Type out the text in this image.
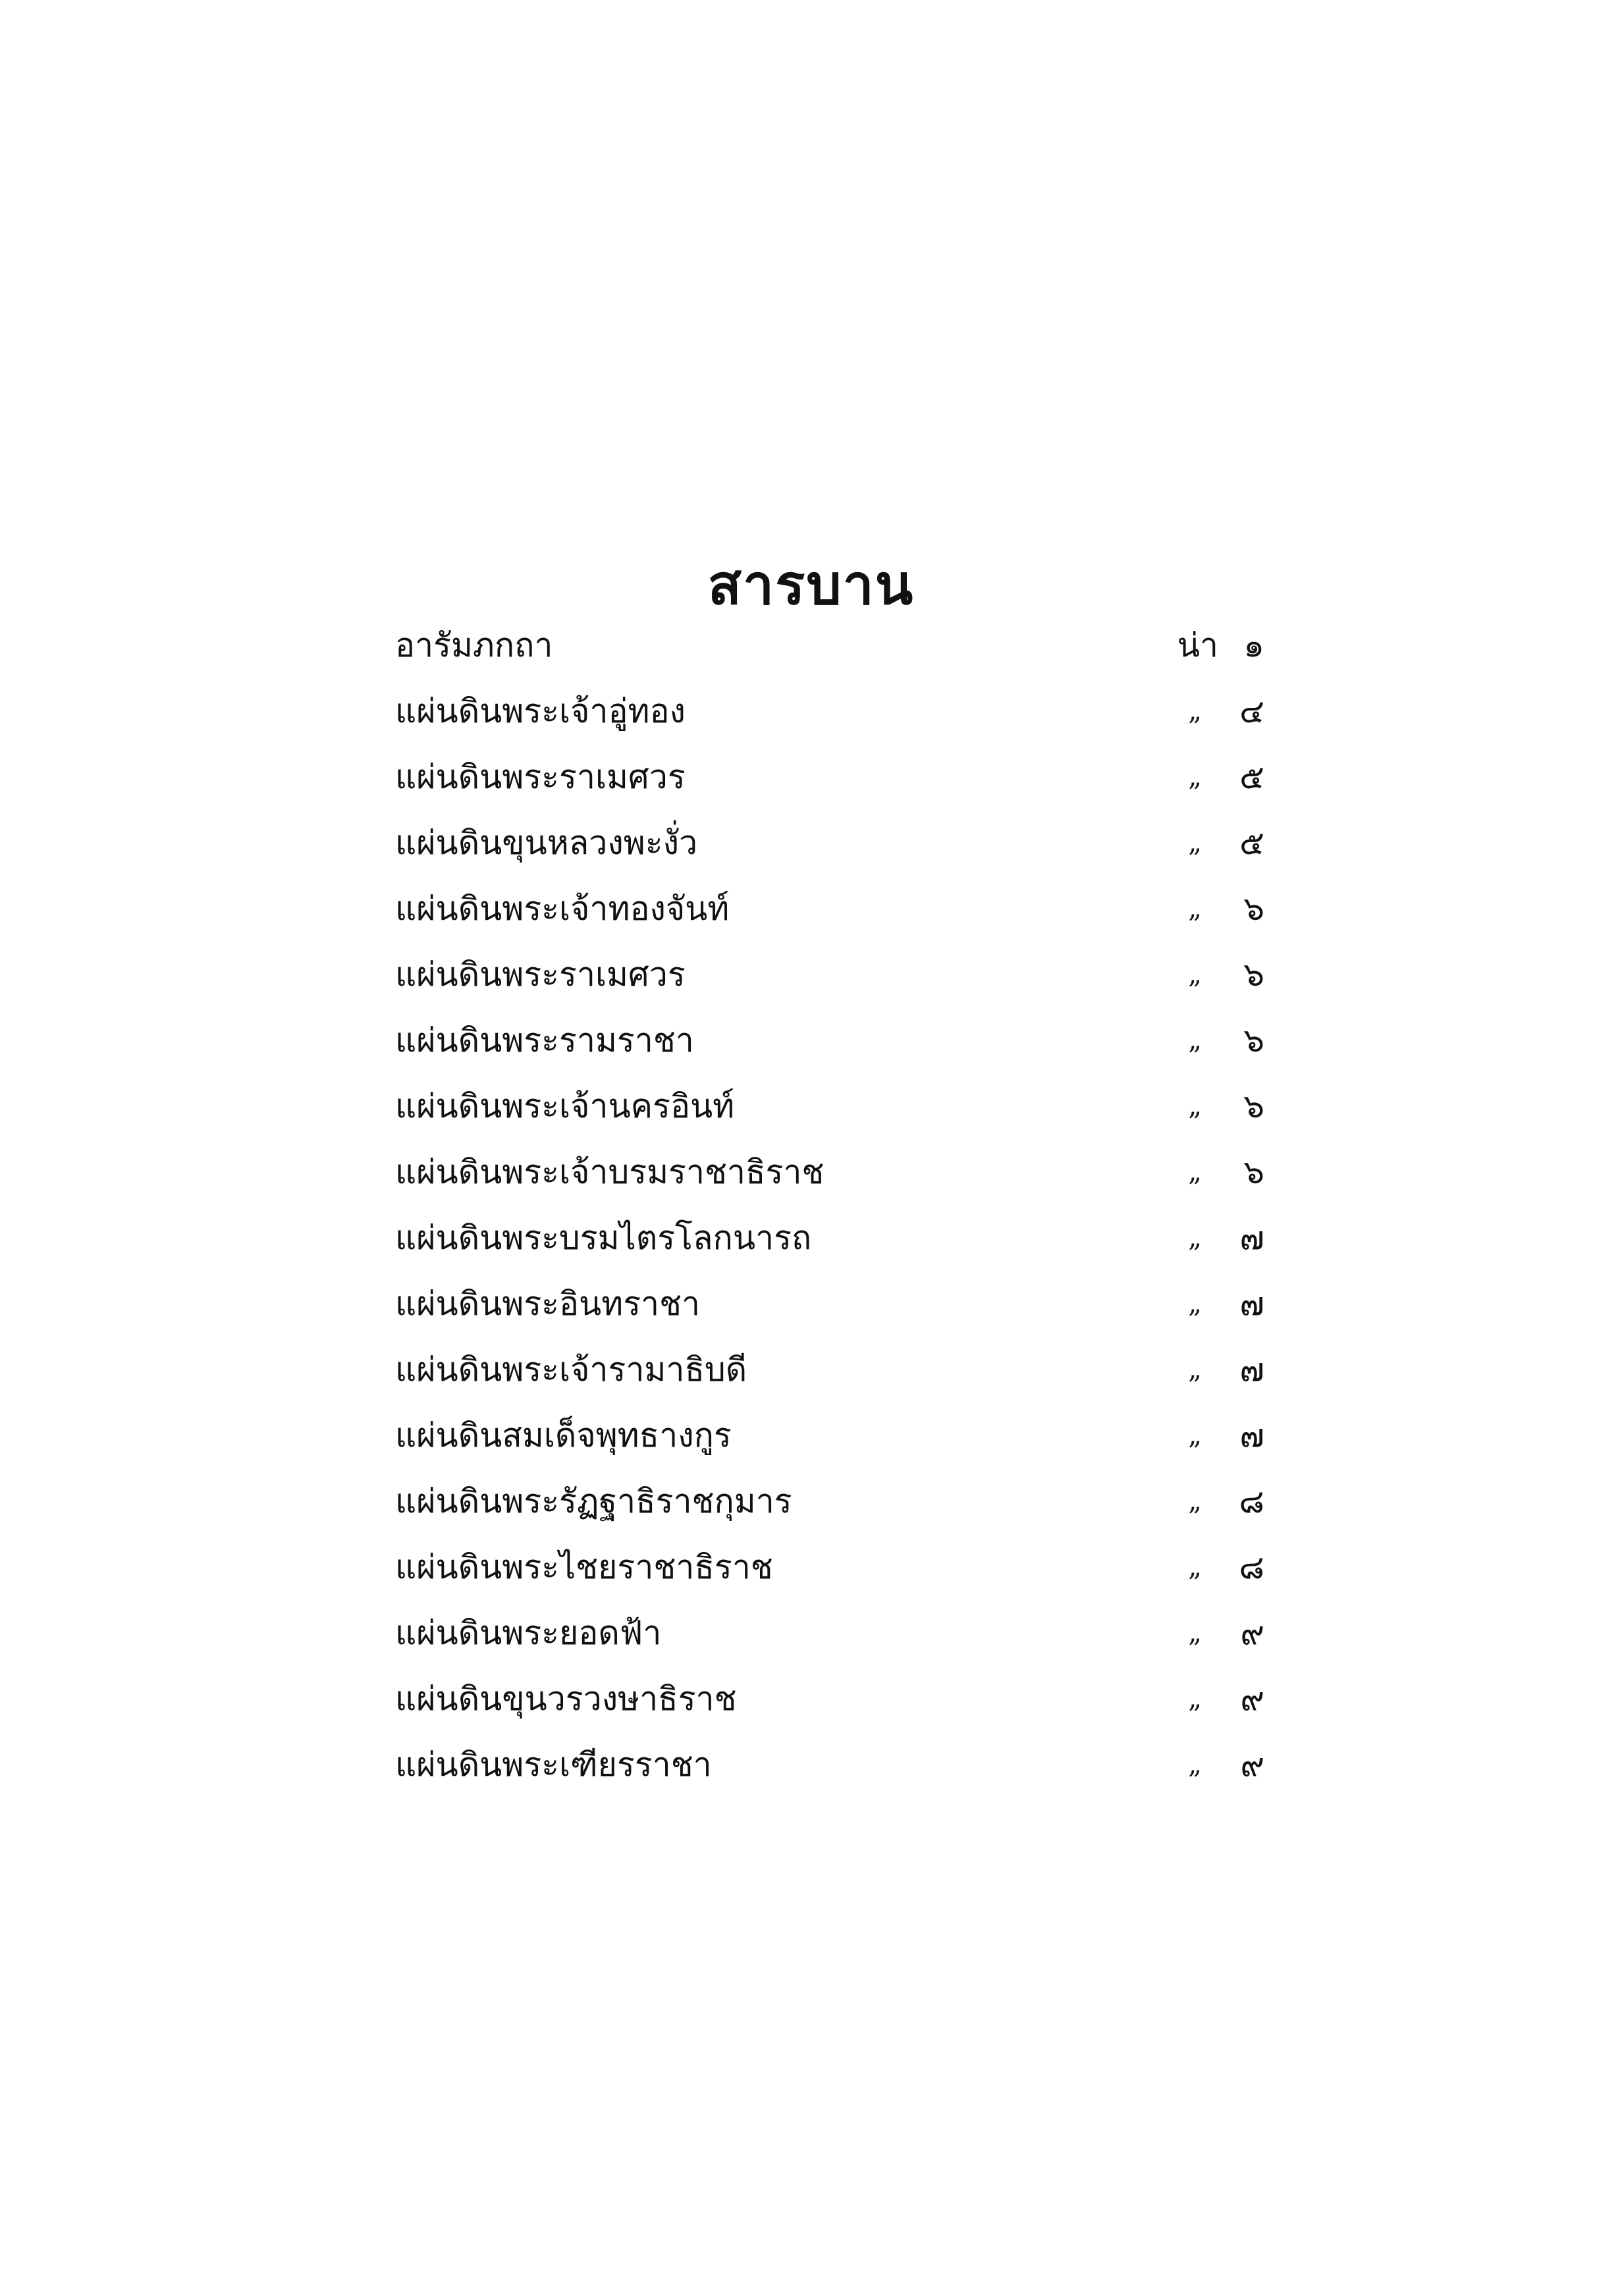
สารบาน
อารัมภกถา	น่า ๑
แผ่นดินพระเจ้าอู่ทอง	„ ๔
แผ่นดินพระราเมศวร	„ ๕
แผ่นดินขุนหลวงพะงั่ว	„ ๕
แผ่นดินพระเจ้าทองจันท์	„	๖
แผ่นดินพระราเมศวร	„	๖
แผ่นดินพระรามราชา	„	๖
แผ่นดินพระเจ้านครอินท์	„	๖
แผ่นดินพระเจ้าบรมราชาธิราช	„	๖
แผ่นดินพระบรมไตรโลกนารถ	„ ๗
แผ่นดินพระอินทราชา	„ ๗
แผ่นดินพระเจ้ารามาธิบดี	„ ๗
แผ่นดินสมเด็จพุทธางกูร	„ ๗
แผ่นดินพระรัฏฐาธิราชกุมาร	„ ๘
แผ่นดินพระไชยราชาธิราช	„ ๘
แผ่นดินพระยอดฟ้า	„ ๙
แผ่นดินขุนวรวงษาธิราช	„ ๙
แผ่นดินพระเฑียรราชา	„ ๙
